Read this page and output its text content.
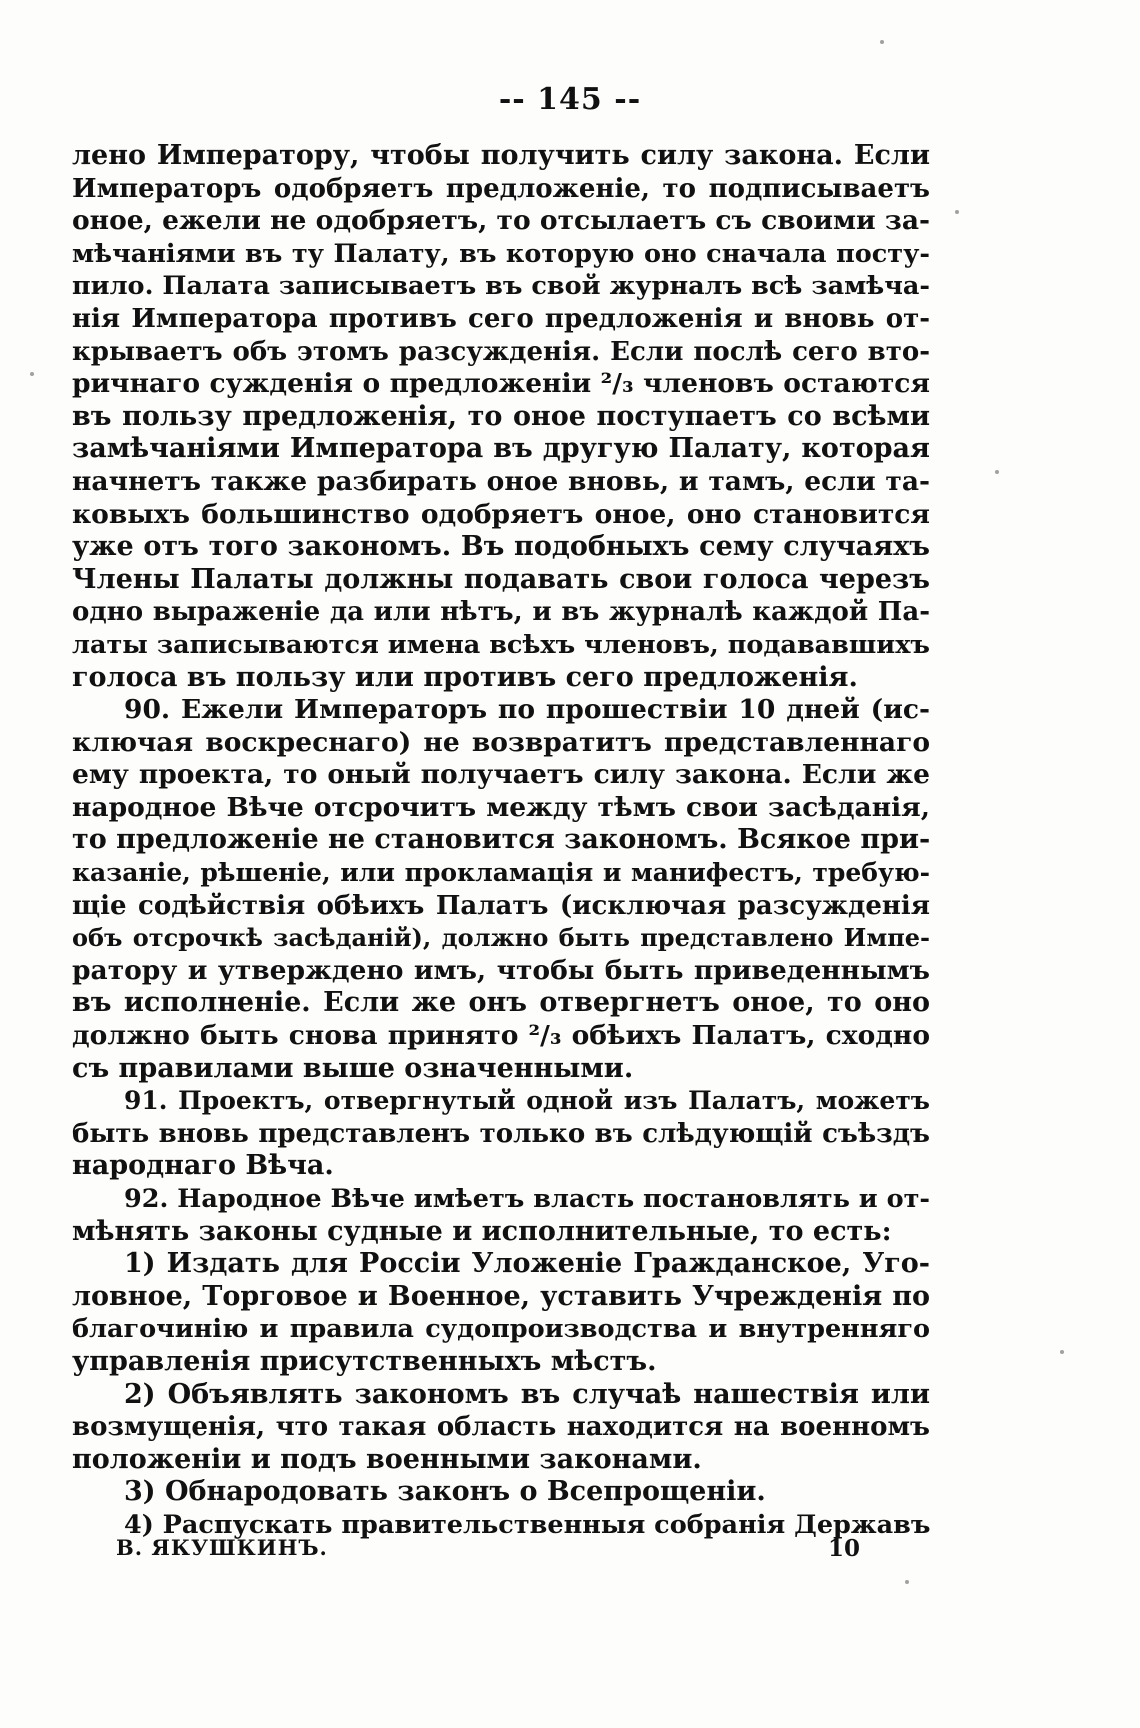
-- 145 --
лено Императору, чтобы получить силу закона. Если
Императоръ одобряетъ предложеніе, то подписываетъ
оное, ежели не одобряетъ, то отсылаетъ съ своими за-
мѣчаніями въ ту Палату, въ которую оно сначала посту-
пило. Палата записываетъ въ свой журналъ всѣ замѣча-
нія Императора противъ сего предложенія и вновь от-
крываетъ объ этомъ разсужденія. Если послѣ сего вто-
ричнаго сужденія о предложеніи ²/₃ членовъ остаются
въ пользу предложенія, то оное поступаетъ со всѣми
замѣчаніями Императора въ другую Палату, которая
начнетъ также разбирать оное вновь, и тамъ, если та-
ковыхъ большинство одобряетъ оное, оно становится
уже отъ того закономъ. Въ подобныхъ сему случаяхъ
Члены Палаты должны подавать свои голоса черезъ
одно выраженіе да или нѣтъ, и въ журналѣ каждой Па-
латы записываются имена всѣхъ членовъ, подававшихъ
голоса въ пользу или противъ сего предложенія.
90. Ежели Императоръ по прошествіи 10 дней (ис-
ключая воскреснаго) не возвратитъ представленнаго
ему проекта, то оный получаетъ силу закона. Если же
народное Вѣче отсрочитъ между тѣмъ свои засѣданія,
то предложеніе не становится закономъ. Всякое при-
казаніе, рѣшеніе, или прокламація и манифестъ, требую-
щіе содѣйствія обѣихъ Палатъ (исключая разсужденія
объ отсрочкѣ засѣданій), должно быть представлено Импе-
ратору и утверждено имъ, чтобы быть приведеннымъ
въ исполненіе. Если же онъ отвергнетъ оное, то оно
должно быть снова принято ²/₃ обѣихъ Палатъ, сходно
съ правилами выше означенными.
91. Проектъ, отвергнутый одной изъ Палатъ, можетъ
быть вновь представленъ только въ слѣдующій съѣздъ
народнаго Вѣча.
92. Народное Вѣче имѣетъ власть постановлять и от-
мѣнять законы судные и исполнительные, то есть:
1) Издать для Россіи Уложеніе Гражданское, Уго-
ловное, Торговое и Военное, уставить Учрежденія по
благочинію и правила судопроизводства и внутренняго
управленія присутственныхъ мѣстъ.
2) Объявлять закономъ въ случаѣ нашествія или
возмущенія, что такая область находится на военномъ
положеніи и подъ военными законами.
3) Обнародовать законъ о Всепрощеніи.
4) Распускать правительственныя собранія Державъ
В. ЯКУШКИНЪ.	10
